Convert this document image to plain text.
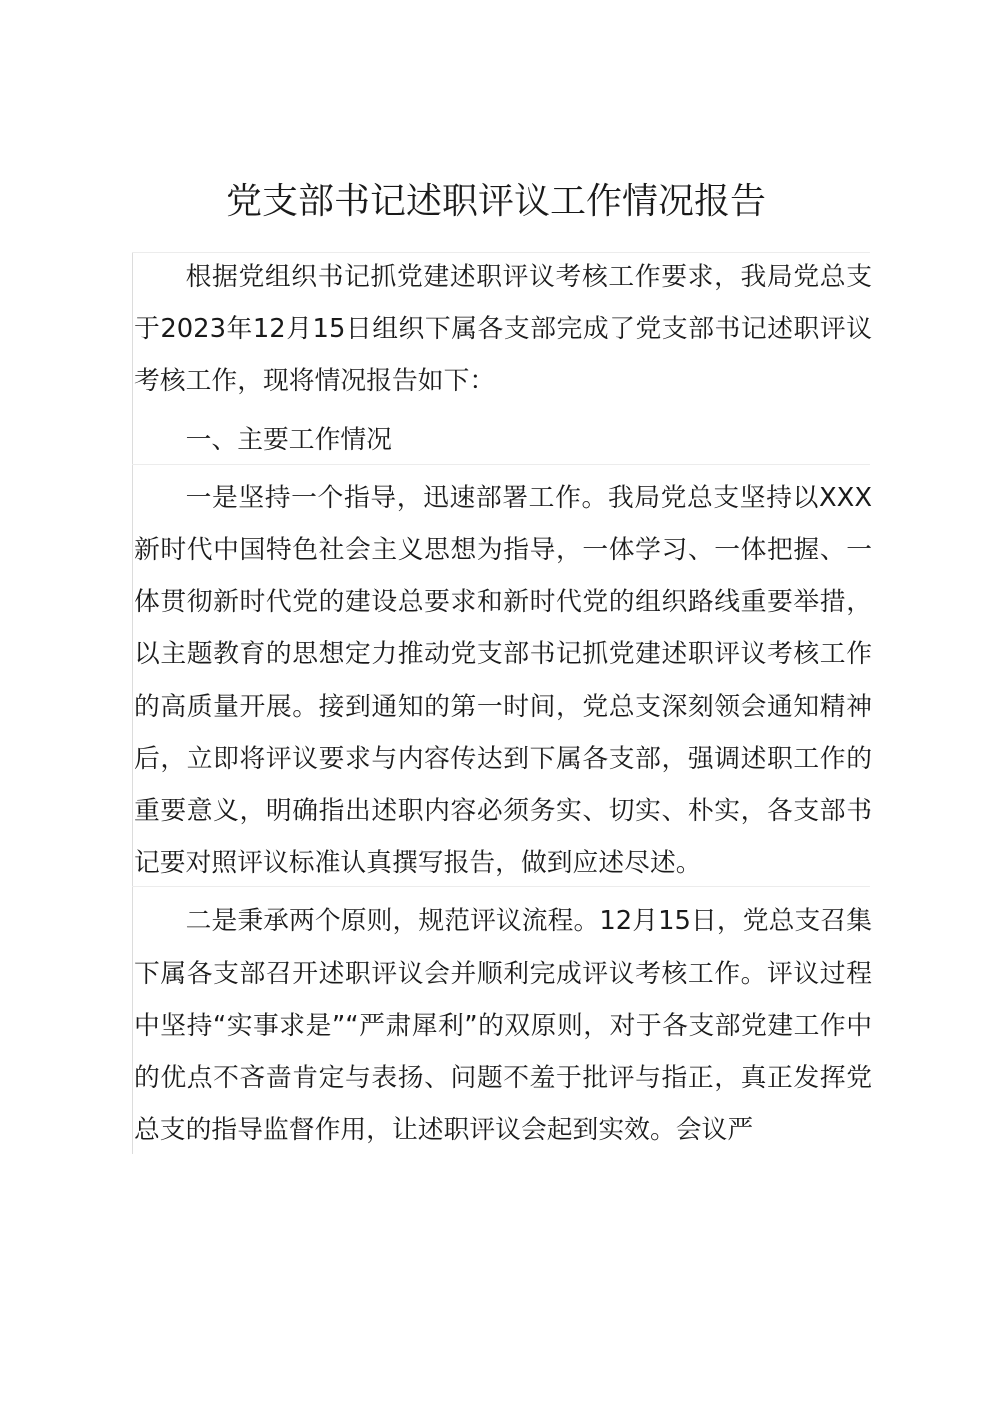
党支部书记述职评议工作情况报告

根据党组织书记抓党建述职评议考核工作要求，我局党总支于2023年12月15日组织下属各支部完成了党支部书记述职评议考核工作，现将情况报告如下：

一、主要工作情况

一是坚持一个指导，迅速部署工作。我局党总支坚持以XXX新时代中国特色社会主义思想为指导，一体学习、一体把握、一体贯彻新时代党的建设总要求和新时代党的组织路线重要举措，以主题教育的思想定力推动党支部书记抓党建述职评议考核工作的高质量开展。接到通知的第一时间，党总支深刻领会通知精神后，立即将评议要求与内容传达到下属各支部，强调述职工作的重要意义，明确指出述职内容必须务实、切实、朴实，各支部书记要对照评议标准认真撰写报告，做到应述尽述。

二是秉承两个原则，规范评议流程。12月15日，党总支召集下属各支部召开述职评议会并顺利完成评议考核工作。评议过程中坚持“实事求是”“严肃犀利”的双原则，对于各支部党建工作中的优点不吝啬肯定与表扬、问题不羞于批评与指正，真正发挥党总支的指导监督作用，让述职评议会起到实效。会议严
